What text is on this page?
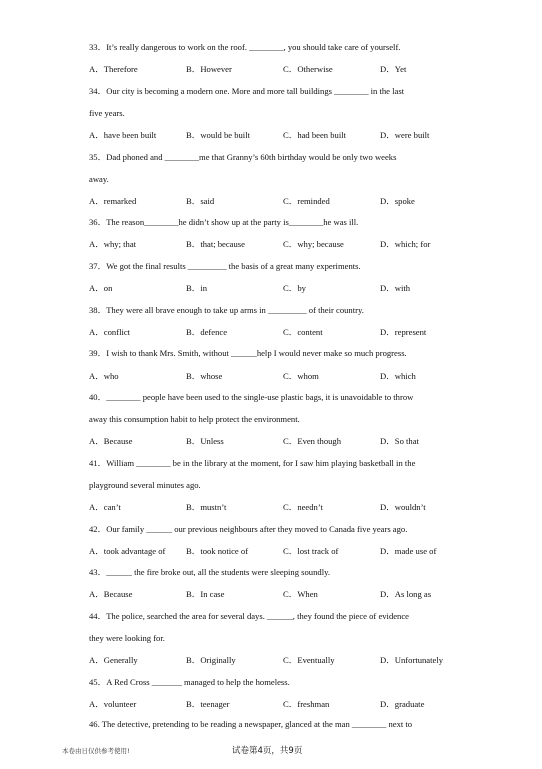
33．It’s really dangerous to work on the roof. ________, you should take care of yourself.
A．Therefore	B．However	C．Otherwise	D．Yet
34．Our city is becoming a modern one. More and more tall buildings ________ in the last
five years.
A．have been built	B．would be built	C．had been built	D．were built
35．Dad phoned and ________me that Granny’s 60th birthday would be only two weeks
away.
A．remarked	B．said	C．reminded	D．spoke
36．The reason________he didn’t show up at the party is________he was ill.
A．why; that	B．that; because	C．why; because	D．which; for
37．We got the final results _________ the basis of a great many experiments.
A．on	B．in	C．by	D．with
38．They were all brave enough to take up arms in _________ of their country.
A．conflict	B．defence	C．content	D．represent
39．I wish to thank Mrs. Smith, without ______help I would never make so much progress.
A．who	B．whose	C．whom	D．which
40．________ people have been used to the single-use plastic bags, it is unavoidable to throw
away this consumption habit to help protect the environment.
A．Because	B．Unless	C．Even though	D．So that
41．William ________ be in the library at the moment, for I saw him playing basketball in the
playground several minutes ago.
A．can’t	B．mustn’t	C．needn’t	D．wouldn’t
42．Our family ______ our previous neighbours after they moved to Canada five years ago.
A．took advantage of B．took notice of	C．lost track of	D．made use of
43．______ the fire broke out, all the students were sleeping soundly.
A．Because	B．In case	C．When	D．As long as
44．The police, searched the area for several days. ______, they found the piece of evidence
they were looking for.
A．Generally	B．Originally	C．Eventually	D．Unfortunately
45．A Red Cross _______ managed to help the homeless.
A．volunteer	B．teenager	C．freshman	D．graduate
46. The detective, pretending to be reading a newspaper, glanced at the man ________ next to
本卷由日仅供参考使用!	试卷第4页，共9页
